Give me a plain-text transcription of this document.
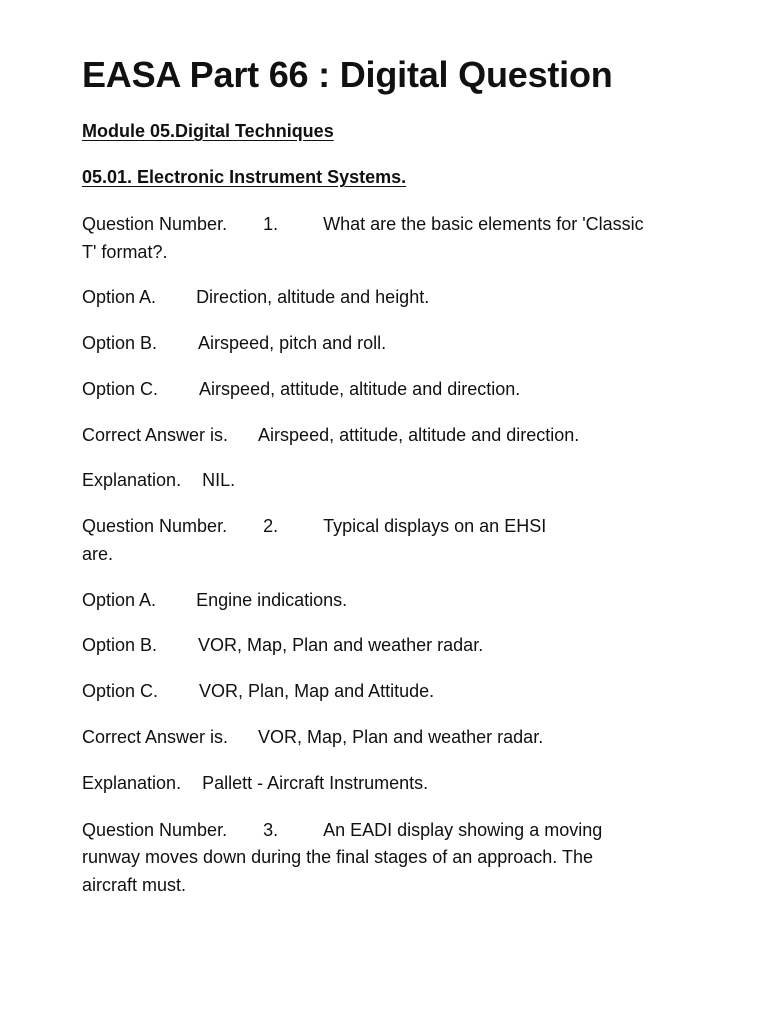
EASA Part 66 : Digital Question
Module 05.Digital Techniques
05.01. Electronic Instrument Systems.
Question Number. 1.	What are the basic elements for 'Classic
T' format?.
Option A. Direction, altitude and height.
Option B. Airspeed, pitch and roll.
Option C. Airspeed, attitude, altitude and direction.
Correct Answer is. Airspeed, attitude, altitude and direction.
Explanation. NIL.
Question Number. 2.	Typical displays on an EHSI
are.
Option A. Engine indications.
Option B. VOR, Map, Plan and weather radar.
Option C. VOR, Plan, Map and Attitude.
Correct Answer is. VOR, Map, Plan and weather radar.
Explanation. Pallett - Aircraft Instruments.
Question Number. 3.	An EADI display showing a moving
runway moves down during the final stages of an approach. The
aircraft must.
